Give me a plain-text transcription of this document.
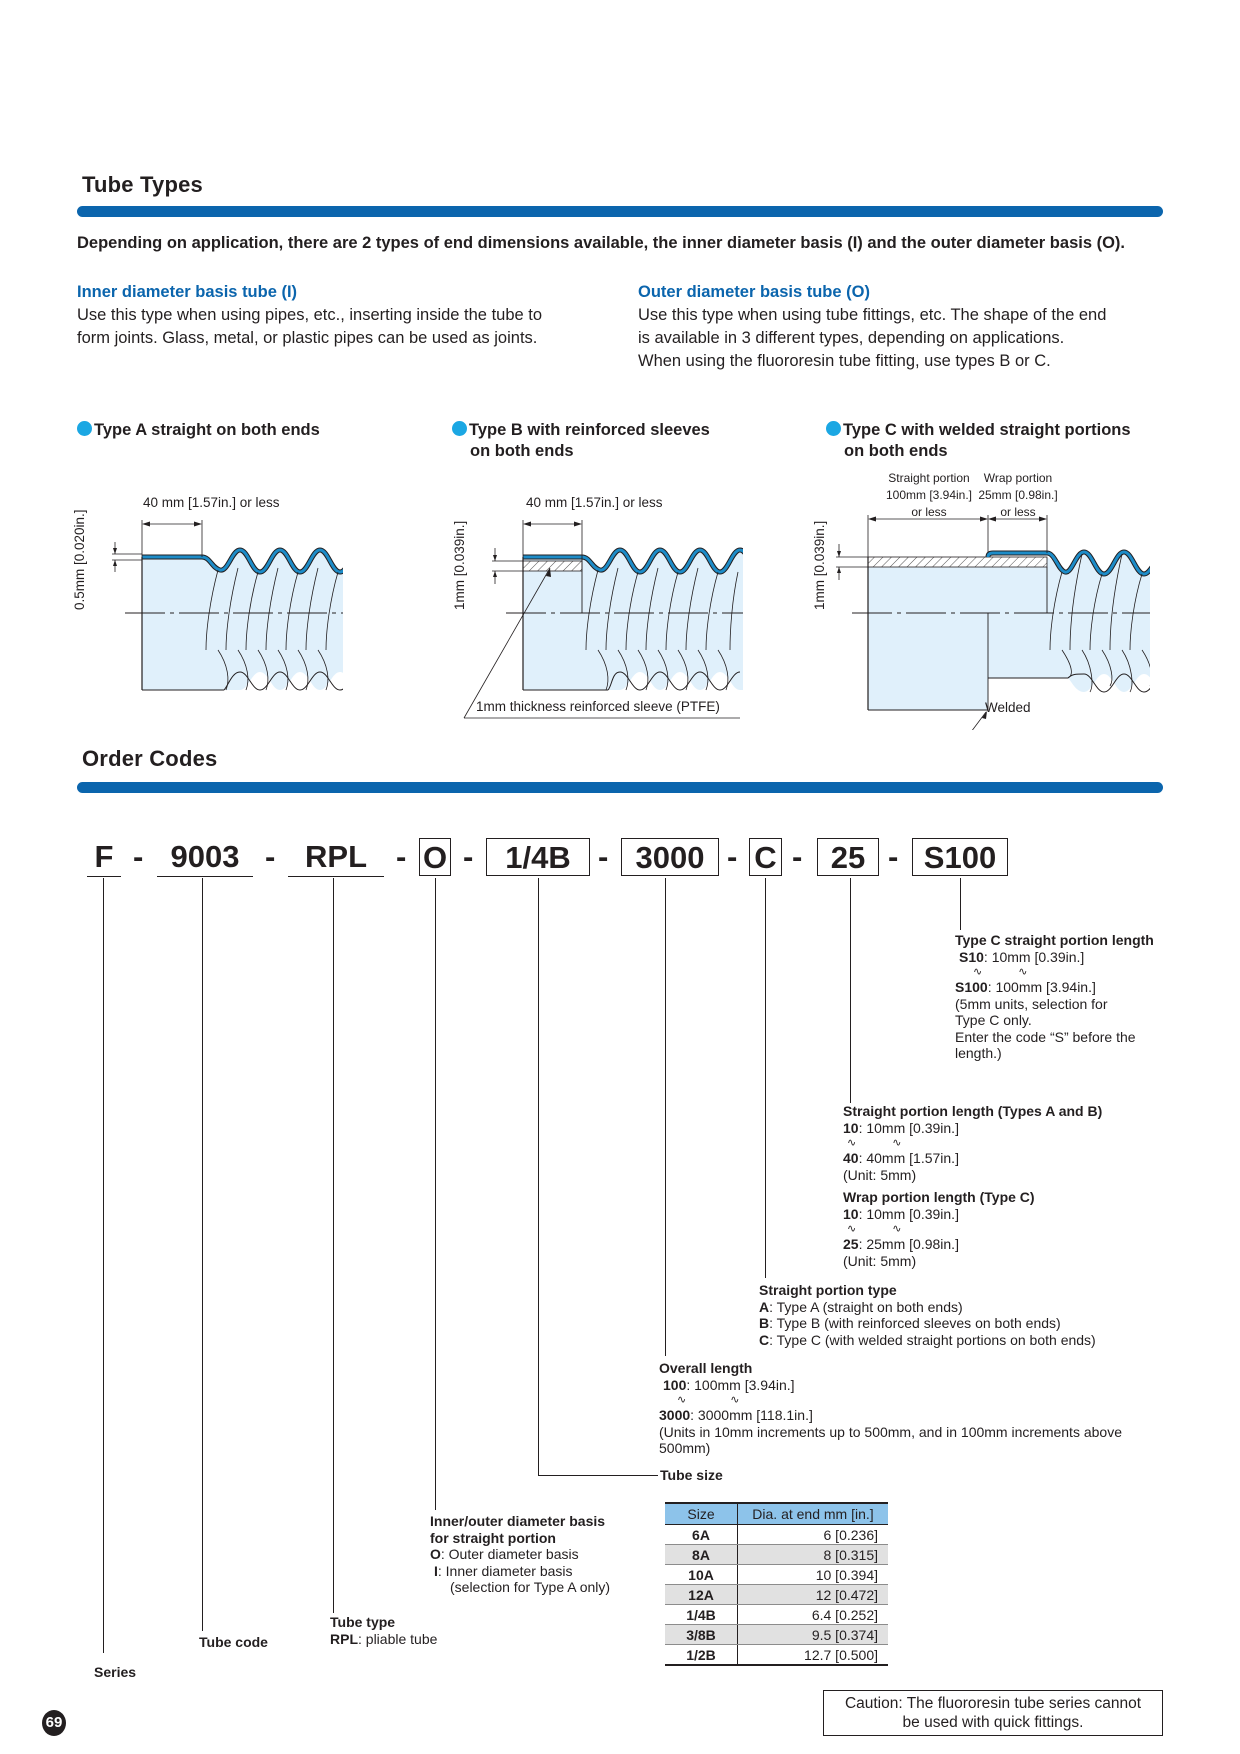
Tube Types
Depending on application, there are 2 types of end dimensions available, the inner diameter basis (I) and the outer diameter basis (O).
Inner diameter basis tube (I)
Use this type when using pipes, etc., inserting inside the tube to
form joints. Glass, metal, or plastic pipes can be used as joints.
Outer diameter basis tube (O)
Use this type when using tube fittings, etc. The shape of the end
is available in 3 different types, depending on applications.
When using the fluororesin tube fitting, use types B or C.
Type A straight on both ends	Type B with reinforced sleeves
on both ends
Type C with welded straight portions
on both ends
40 mm [1.57in.] or less
0.5mm [0.020in.]
40 mm [1.57in.] or less
1mm [0.039in.]
1mm thickness reinforced sleeve (PTFE)
Straight portion
100mm [3.94in.]
or less
Wrap portion
25mm [0.98in.]
or less
1mm [0.039in.]
Welded
Order Codes
F - 9003 - RPL - O -	1/4B - 3000 - C - 25 - S100
Type C straight portion length
S10: 10mm [0.39in.]
∿	∿
S100: 100mm [3.94in.]
(5mm units, selection for
Type C only.
Enter the code “S” before the
length.)
Straight portion length (Types A and B)
10: 10mm [0.39in.]
∿	∿
40: 40mm [1.57in.]
(Unit: 5mm)
Wrap portion length (Type C)
10: 10mm [0.39in.]
∿	∿
25: 25mm [0.98in.]
(Unit: 5mm)
Straight portion type
A: Type A (straight on both ends)
B: Type B (with reinforced sleeves on both ends)
C: Type C (with welded straight portions on both ends)
Overall length
100: 100mm [3.94in.]
∿	∿
3000: 3000mm [118.1in.]
(Units in 10mm increments up to 500mm, and in 100mm increments above
500mm)
Tube size
Size	Dia. at end mm [in.]
6A	6 [0.236]
8A	8 [0.315]
10A	10 [0.394]
12A	12 [0.472]
1/4B	6.4 [0.252]
3/8B	9.5 [0.374]
1/2B	12.7 [0.500]
Inner/outer diameter basis
for straight portion
O: Outer diameter basis
I: Inner diameter basis
(selection for Type A only)
Tube type
RPL: pliable tube
Tube code
Series
Caution: The fluororesin tube series cannot
be used with quick fittings.
69
